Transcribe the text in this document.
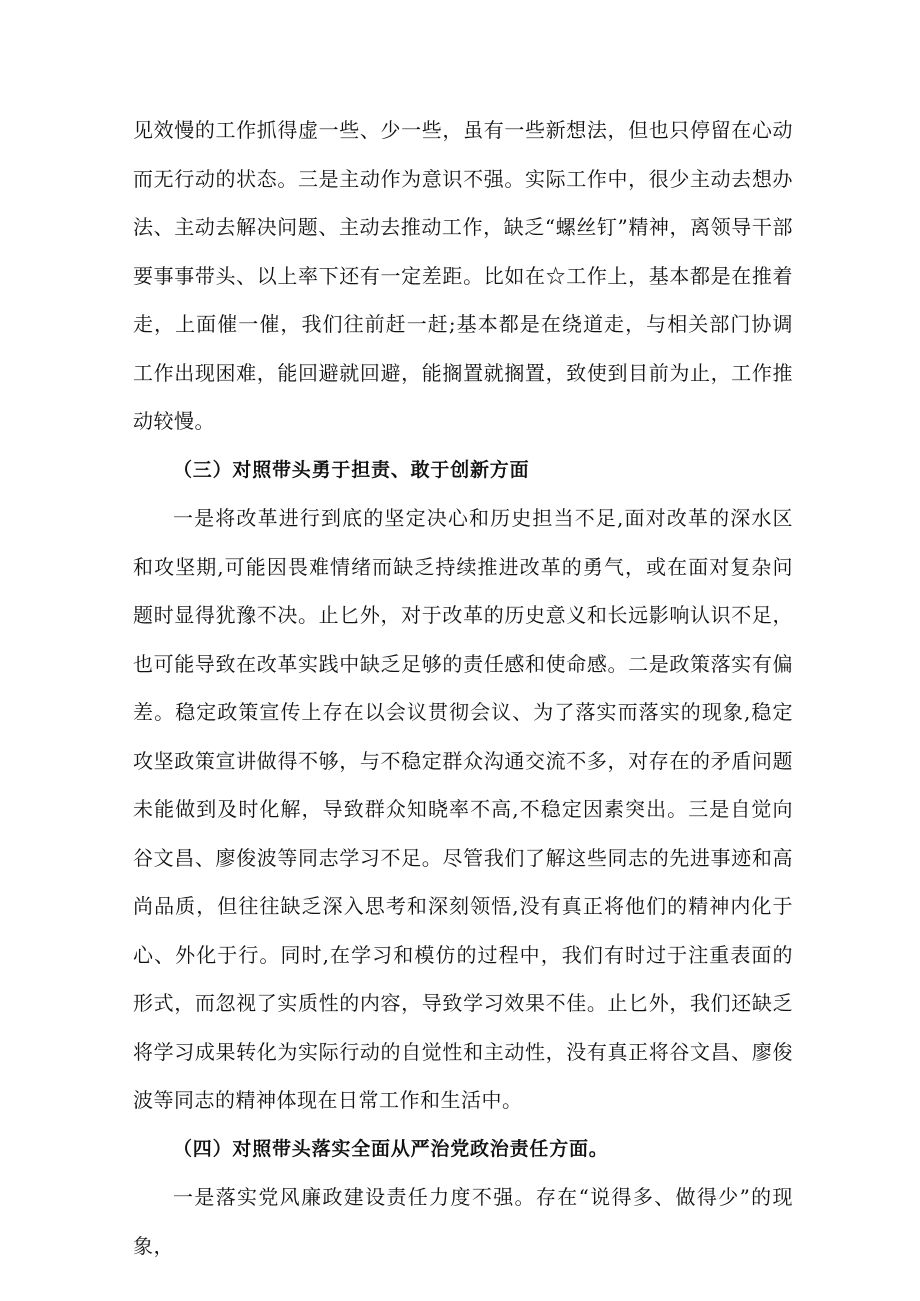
见效慢的工作抓得虚一些、少一些，虽有一些新想法，但也只停留在心动而无行动的状态。三是主动作为意识不强。实际工作中，很少主动去想办法、主动去解决问题、主动去推动工作，缺乏“螺丝钉”精神，离领导干部要事事带头、以上率下还有一定差距。比如在☆工作上，基本都是在推着走，上面催一催，我们往前赶一赶;基本都是在绕道走，与相关部门协调工作出现困难，能回避就回避，能搁置就搁置，致使到目前为止，工作推动较慢。

（三）对照带头勇于担责、敢于创新方面

一是将改革进行到底的坚定决心和历史担当不足,面对改革的深水区和攻坚期,可能因畏难情绪而缺乏持续推进改革的勇气，或在面对复杂问题时显得犹豫不决。止匕外，对于改革的历史意义和长远影响认识不足，也可能导致在改革实践中缺乏足够的责任感和使命感。二是政策落实有偏差。稳定政策宣传上存在以会议贯彻会议、为了落实而落实的现象,稳定攻坚政策宣讲做得不够，与不稳定群众沟通交流不多，对存在的矛盾问题未能做到及时化解，导致群众知晓率不高,不稳定因素突出。三是自觉向谷文昌、廖俊波等同志学习不足。尽管我们了解这些同志的先进事迹和高尚品质，但往往缺乏深入思考和深刻领悟,没有真正将他们的精神内化于心、外化于行。同时,在学习和模仿的过程中，我们有时过于注重表面的形式，而忽视了实质性的内容，导致学习效果不佳。止匕外，我们还缺乏将学习成果转化为实际行动的自觉性和主动性，没有真正将谷文昌、廖俊波等同志的精神体现在日常工作和生活中。

（四）对照带头落实全面从严治党政治责任方面。

一是落实党风廉政建设责任力度不强。存在“说得多、做得少”的现象，
